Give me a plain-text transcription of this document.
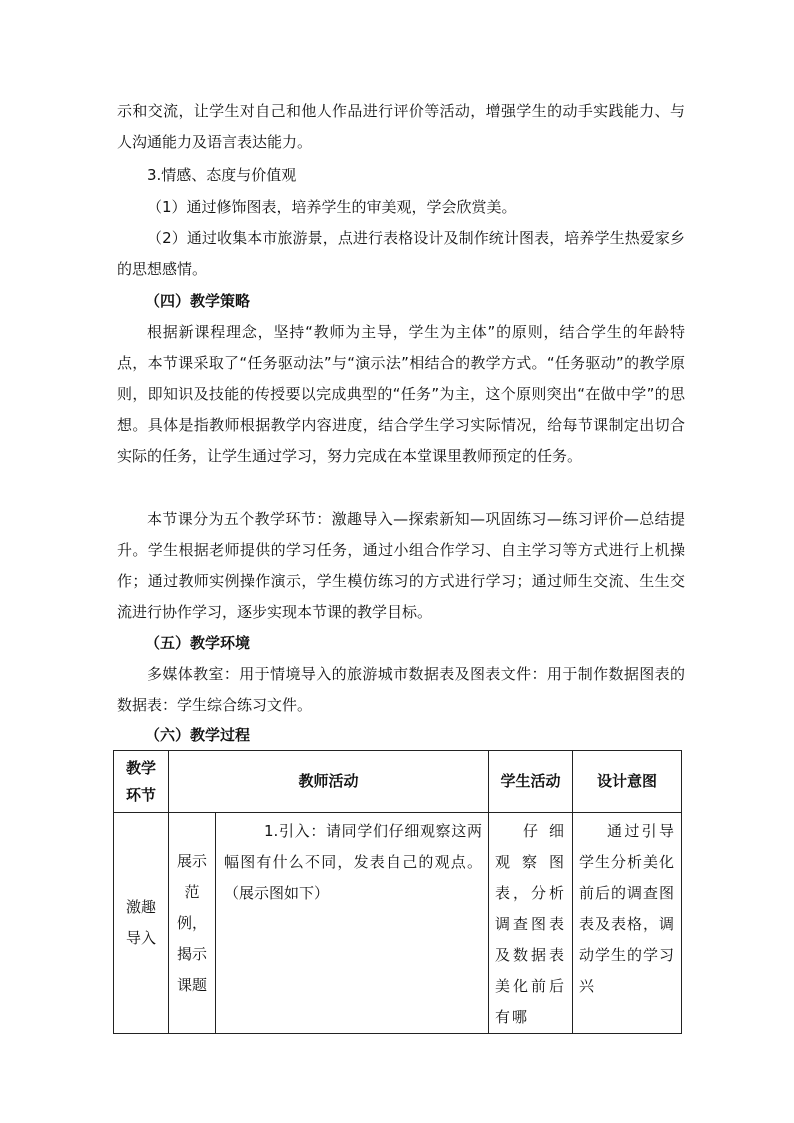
示和交流，让学生对自己和他人作品进行评价等活动，增强学生的动手实践能力、与人沟通能力及语言表达能力。

3.情感、态度与价值观

（1）通过修饰图表，培养学生的审美观，学会欣赏美。

（2）通过收集本市旅游景，点进行表格设计及制作统计图表，培养学生热爱家乡的思想感情。

（四）教学策略

根据新课程理念，坚持“教师为主导，学生为主体”的原则，结合学生的年龄特点，本节课采取了“任务驱动法”与“演示法”相结合的教学方式。“任务驱动”的教学原则，即知识及技能的传授要以完成典型的“任务”为主，这个原则突出“在做中学”的思想。具体是指教师根据教学内容进度，结合学生学习实际情况，给每节课制定出切合实际的任务，让学生通过学习，努力完成在本堂课里教师预定的任务。

本节课分为五个教学环节：激趣导入—探索新知—巩固练习—练习评价—总结提升。学生根据老师提供的学习任务，通过小组合作学习、自主学习等方式进行上机操作；通过教师实例操作演示，学生模仿练习的方式进行学习；通过师生交流、生生交流进行协作学习，逐步实现本节课的教学目标。

（五）教学环境

多媒体教室：用于情境导入的旅游城市数据表及图表文件：用于制作数据图表的数据表：学生综合练习文件。

（六）教学过程

教学环节	教师活动		学生活动	设计意图
激趣导入	展示范例，揭示课题	1.引入：请同学们仔细观察这两幅图有什么不同，发表自己的观点。（展示图如下）	仔细观察图表，分析调查图表及数据表美化前后有哪	通过引导学生分析美化前后的调查图表及表格，调动学生的学习兴
